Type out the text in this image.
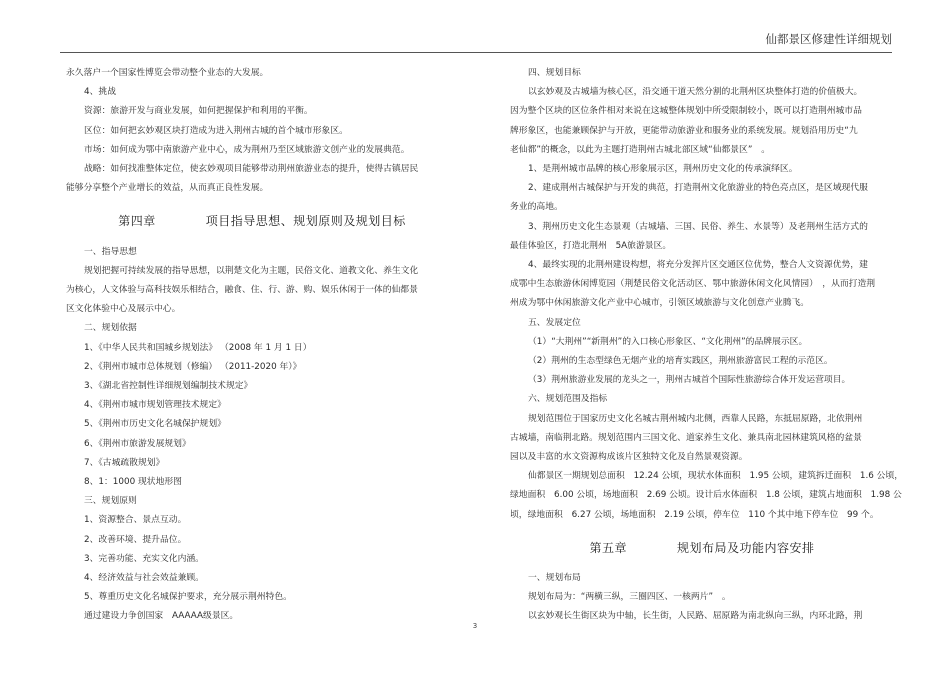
仙都景区修建性详细规划

永久落户一个国家性博览会带动整个业态的大发展。

4、挑战

资源：旅游开发与商业发展，如何把握保护和利用的平衡。

区位：如何把玄妙观区块打造成为进入荆州古城的首个城市形象区。

市场：如何成为鄂中南旅游产业中心，成为荆州乃至区域旅游文创产业的发展典范。

战略：如何找准整体定位，使玄妙观项目能够带动荆州旅游业态的提升，使得古镇居民

能够分享整个产业增长的效益，从而真正良性发展。

第四章	项目指导思想、规划原则及规划目标

一、指导思想

规划把握可持续发展的指导思想，以荆楚文化为主题，民俗文化、道教文化、养生文化

为核心，人文体验与高科技娱乐相结合，融食、住、行、游、购、娱乐休闲于一体的仙都景

区文化体验中心及展示中心。

二、规划依据

1、《中华人民共和国城乡规划法》 （2008 年 1 月 1 日）

2、《荆州市城市总体规划（修编） （2011-2020 年）》

3、《湖北省控制性详细规划编制技术规定》

4、《荆州市城市规划管理技术规定》

5、《荆州市历史文化名城保护规划》

6、《荆州市旅游发展规划》

7、《古城疏散规划》

8、1：1000 现状地形图

三、规划原则

1、资源整合、景点互动。

2、改善环境、提升品位。

3、完善功能、充实文化内涵。

4、经济效益与社会效益兼顾。

5、尊重历史文化名城保护要求，充分展示荆州特色。

通过建设力争创国家　AAAAA级景区。

四、规划目标

以玄妙观及古城墙为核心区，沿交通干道天然分割的北荆州区块整体打造的价值极大。

因为整个区块的区位条件相对来说在这城整体规划中所受限制较小，既可以打造荆州城市品

牌形象区，也能兼顾保护与开放，更能带动旅游业和服务业的系统发展。规划沿用历史“九

老仙都”的概念，以此为主题打造荆州古城北部区域“仙都景区”　。

1、是荆州城市品牌的核心形象展示区，荆州历史文化的传承演绎区。

2、建成荆州古城保护与开发的典范，打造荆州文化旅游业的特色亮点区，是区域现代服

务业的高地。

3、荆州历史文化生态景观（古城墙、三国、民俗、养生、水景等）及老荆州生活方式的

最佳体验区，打造北荆州　5A旅游景区。

4、最终实现的北荆州建设构想，将充分发挥片区交通区位优势，整合人文资源优势，建

成鄂中生态旅游休闲博览园（荆楚民俗文化活动区、鄂中旅游休闲文化风情园）　，从而打造荆

州成为鄂中休闲旅游文化产业中心城市，引领区域旅游与文化创意产业腾飞。

五、发展定位

（1）“大荆州”“新荆州”的入口核心形象区、“文化荆州”的品牌展示区。

（2）荆州的生态型绿色无烟产业的培育实践区，荆州旅游富民工程的示范区。

（3）荆州旅游业发展的龙头之一，荆州古城首个国际性旅游综合体开发运营项目。

六、规划范围及指标

规划范围位于国家历史文化名城古荆州城内北侧，西靠人民路，东抵屈原路，北依荆州

古城墙，南临荆北路。规划范围内三国文化、道家养生文化、兼具南北园林建筑风格的盆景

园以及丰富的水文资源构成该片区独特文化及自然景观资源。

仙都景区一期规划总面积　12.24 公顷，现状水体面积　1.95 公顷，建筑拆迁面积　1.6 公顷，

绿地面积　6.00 公顷，场地面积　2.69 公顷。设计后水体面积　1.8 公顷，建筑占地面积　1.98 公

顷，绿地面积　6.27 公顷，场地面积　2.19 公顷，停车位　110 个其中地下停车位　99 个。

第五章	规划布局及功能内容安排

一、规划布局

规划布局为：“两横三纵，三圈四区、一核两片”　。

以玄妙观长生街区块为中轴，长生街，人民路、屈原路为南北纵向三纵，内环北路，荆

3
